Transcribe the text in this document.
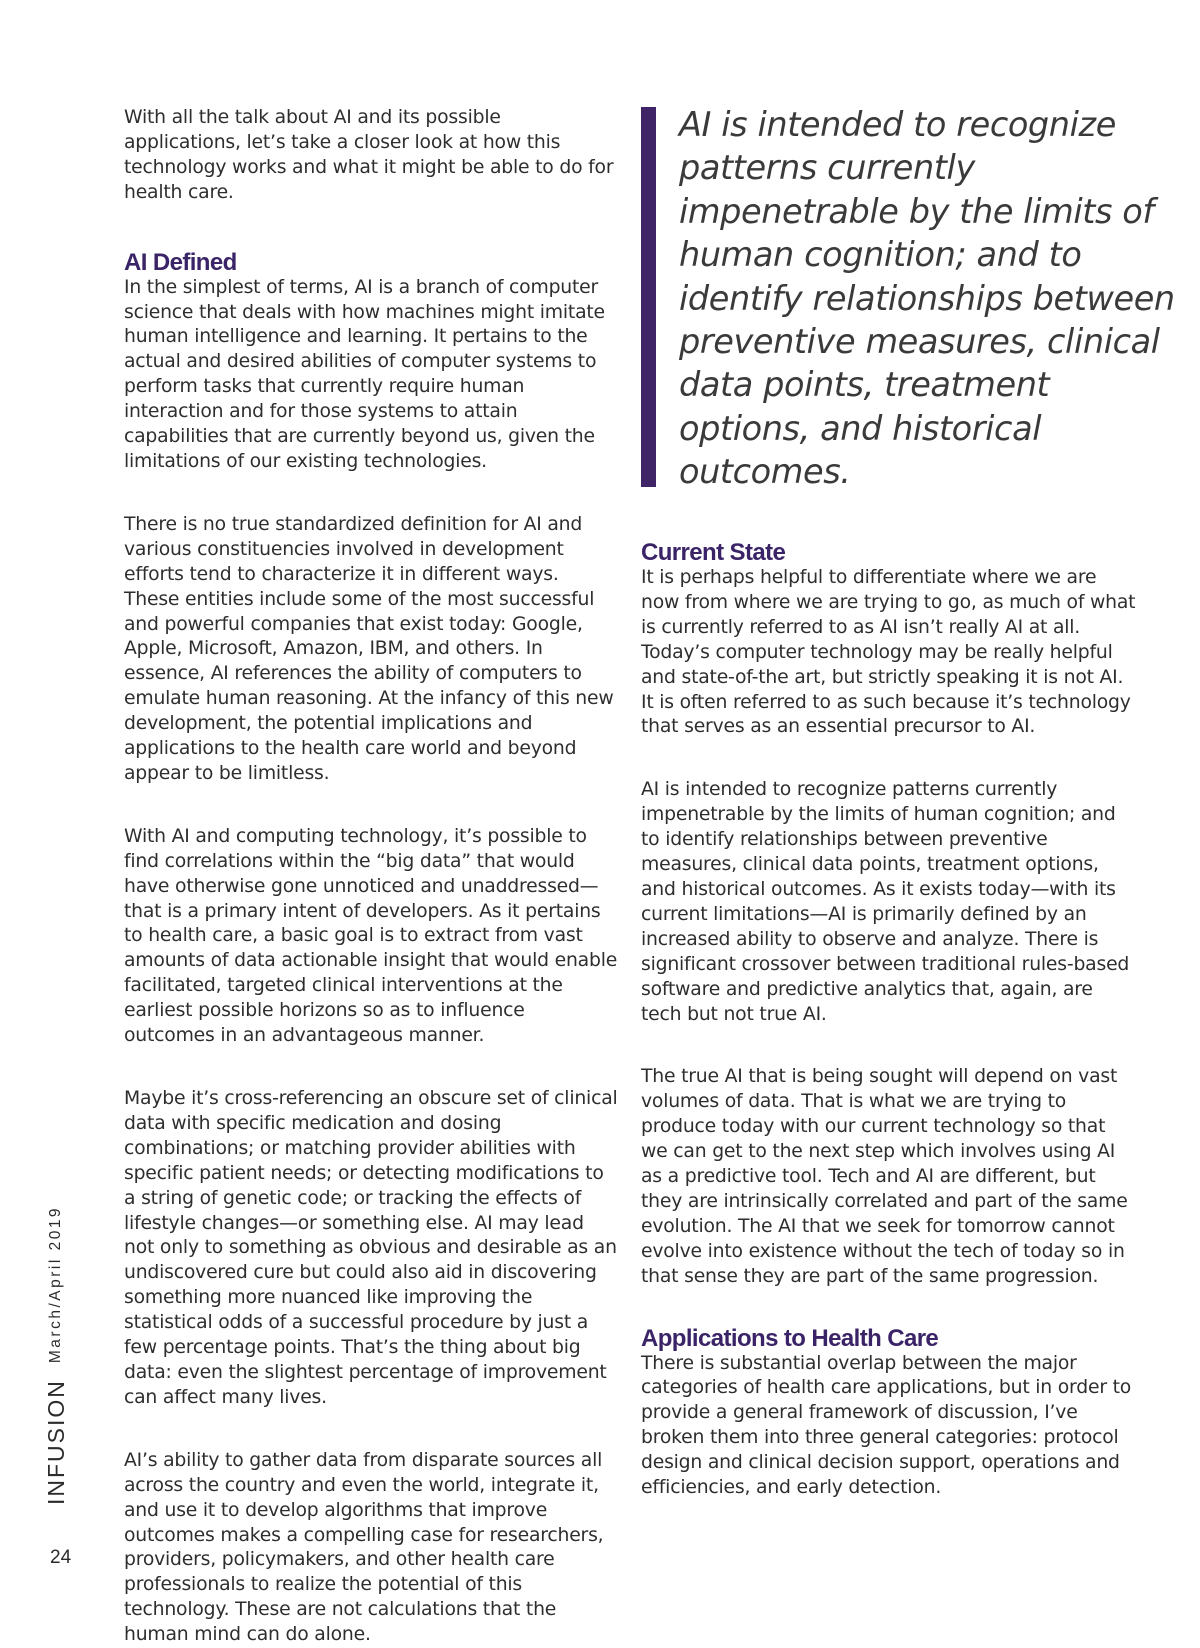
With all the talk about AI and its possible applications, let’s take a closer look at how this technology works and what it might be able to do for health care.

AI Defined

In the simplest of terms, AI is a branch of computer science that deals with how machines might imitate human intelligence and learning. It pertains to the actual and desired abilities of computer systems to perform tasks that currently require human interaction and for those systems to attain capabilities that are currently beyond us, given the limitations of our existing technologies.

There is no true standardized definition for AI and various constituencies involved in development efforts tend to characterize it in different ways. These entities include some of the most successful and powerful companies that exist today: Google, Apple, Microsoft, Amazon, IBM, and others. In essence, AI references the ability of computers to emulate human reasoning. At the infancy of this new development, the potential implications and applications to the health care world and beyond appear to be limitless.

With AI and computing technology, it’s possible to find correlations within the “big data” that would have otherwise gone unnoticed and unaddressed—that is a primary intent of developers. As it pertains to health care, a basic goal is to extract from vast amounts of data actionable insight that would enable facilitated, targeted clinical interventions at the earliest possible horizons so as to influence outcomes in an advantageous manner.

Maybe it’s cross-referencing an obscure set of clinical data with specific medication and dosing combinations; or matching provider abilities with specific patient needs; or detecting modifications to a string of genetic code; or tracking the effects of lifestyle changes—or something else. AI may lead not only to something as obvious and desirable as an undiscovered cure but could also aid in discovering something more nuanced like improving the statistical odds of a successful procedure by just a few percentage points. That’s the thing about big data: even the slightest percentage of improvement can affect many lives.

AI’s ability to gather data from disparate sources all across the country and even the world, integrate it, and use it to develop algorithms that improve outcomes makes a compelling case for researchers, providers, policymakers, and other health care professionals to realize the potential of this technology. These are not calculations that the human mind can do alone.

AI is intended to recognize patterns currently impenetrable by the limits of human cognition; and to identify relationships between preventive measures, clinical data points, treatment options, and historical outcomes.

Current State

It is perhaps helpful to differentiate where we are now from where we are trying to go, as much of what is currently referred to as AI isn’t really AI at all. Today’s computer technology may be really helpful and state-of-the art, but strictly speaking it is not AI. It is often referred to as such because it’s technology that serves as an essential precursor to AI.

AI is intended to recognize patterns currently impenetrable by the limits of human cognition; and to identify relationships between preventive measures, clinical data points, treatment options, and historical outcomes. As it exists today—with its current limitations—AI is primarily defined by an increased ability to observe and analyze. There is significant crossover between traditional rules-based software and predictive analytics that, again, are tech but not true AI.

The true AI that is being sought will depend on vast volumes of data. That is what we are trying to produce today with our current technology so that we can get to the next step which involves using AI as a predictive tool. Tech and AI are different, but they are intrinsically correlated and part of the same evolution. The AI that we seek for tomorrow cannot evolve into existence without the tech of today so in that sense they are part of the same progression.

Applications to Health Care

There is substantial overlap between the major categories of health care applications, but in order to provide a general framework of discussion, I’ve broken them into three general categories: protocol design and clinical decision support, operations and efficiencies, and early detection.

INFUSION
March/April 2019
24
